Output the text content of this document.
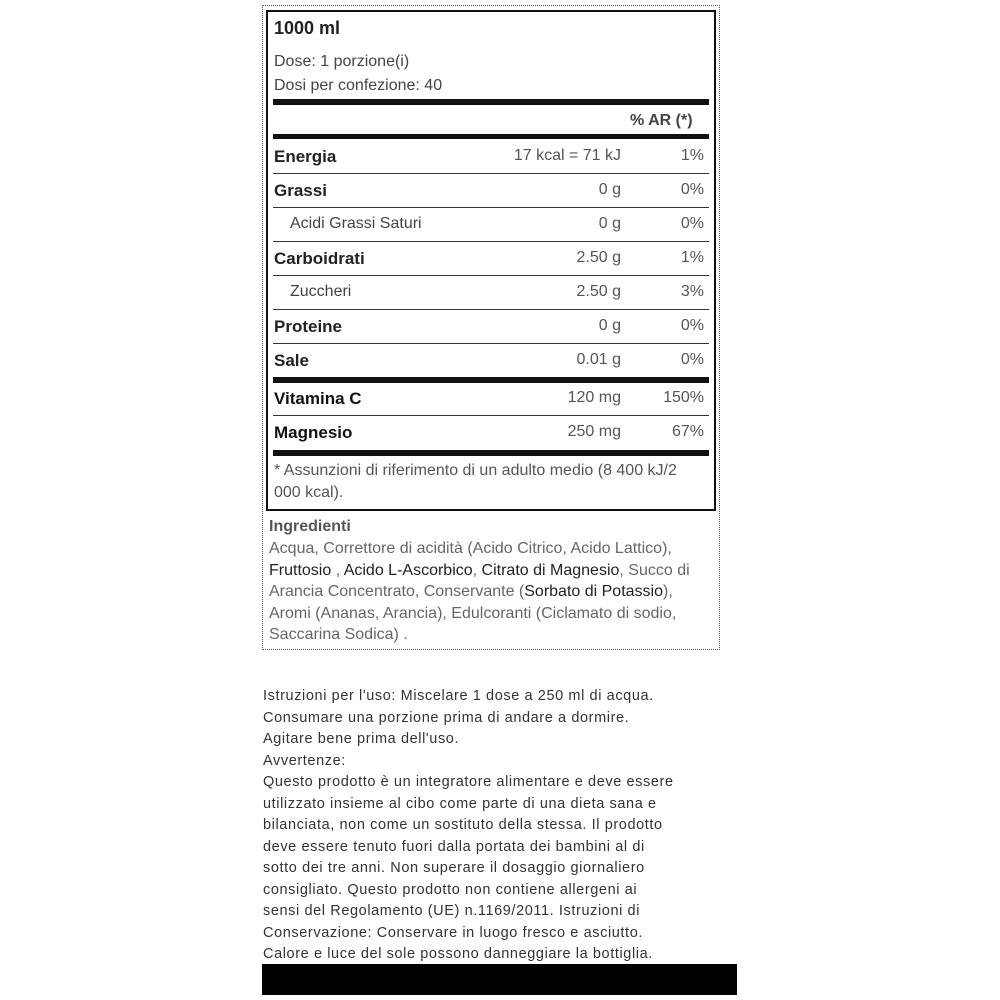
1000 ml
Dose: 1 porzione(i)
Dosi per confezione: 40
% AR (*)
Energia	17 kcal = 71 kJ	1%
Grassi	0 g	0%
Acidi Grassi Saturi	0 g	0%
Carboidrati	2.50 g	1%
Zuccheri	2.50 g	3%
Proteine	0 g	0%
Sale	0.01 g	0%
Vitamina C	120 mg	150%
Magnesio	250 mg	67%
* Assunzioni di riferimento di un adulto medio (8 400 kJ/2 000 kcal).
Ingredienti
Acqua, Correttore di acidità (Acido Citrico, Acido Lattico), Fruttosio , Acido L-Ascorbico, Citrato di Magnesio, Succo di Arancia Concentrato, Conservante (Sorbato di Potassio), Aromi (Ananas, Arancia), Edulcoranti (Ciclamato di sodio, Saccarina Sodica) .
Istruzioni per l'uso: Miscelare 1 dose a 250 ml di acqua.
Consumare una porzione prima di andare a dormire.
Agitare bene prima dell'uso.
Avvertenze:
Questo prodotto è un integratore alimentare e deve essere
utilizzato insieme al cibo come parte di una dieta sana e
bilanciata, non come un sostituto della stessa. Il prodotto
deve essere tenuto fuori dalla portata dei bambini al di
sotto dei tre anni. Non superare il dosaggio giornaliero
consigliato. Questo prodotto non contiene allergeni ai
sensi del Regolamento (UE) n.1169/2011. Istruzioni di
Conservazione: Conservare in luogo fresco e asciutto.
Calore e luce del sole possono danneggiare la bottiglia.
